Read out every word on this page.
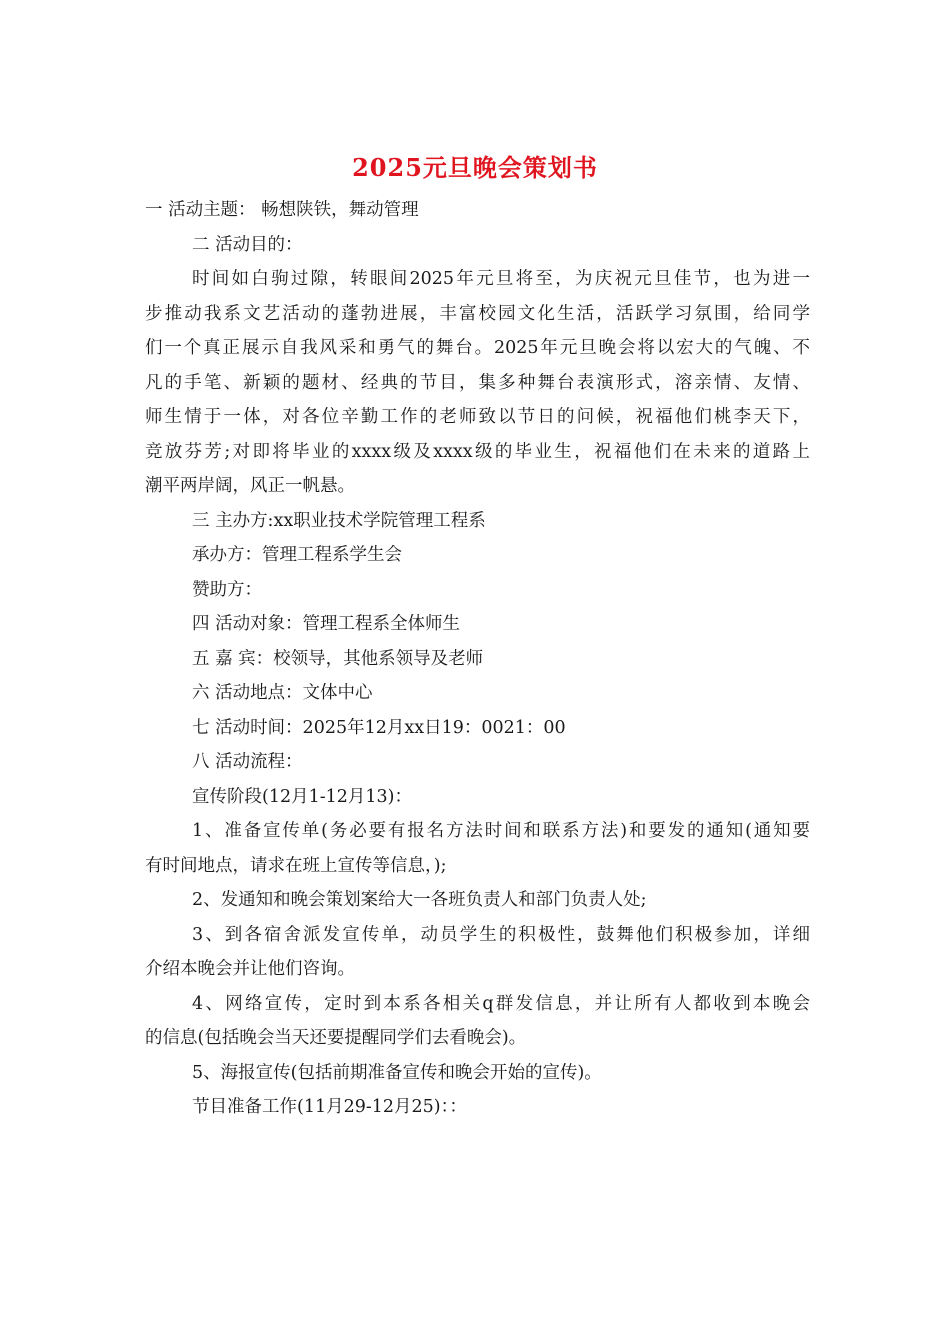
2025元旦晚会策划书
一 活动主题： 畅想陕铁，舞动管理
二 活动目的：
时间如白驹过隙，转眼间2025年元旦将至，为庆祝元旦佳节，也为进一
步推动我系文艺活动的蓬勃进展，丰富校园文化生活，活跃学习氛围，给同学
们一个真正展示自我风采和勇气的舞台。2025年元旦晚会将以宏大的气魄、不
凡的手笔、新颖的题材、经典的节目，集多种舞台表演形式，溶亲情、友情、
师生情于一体，对各位辛勤工作的老师致以节日的问候，祝福他们桃李天下，
竞放芬芳;对即将毕业的xxxx级及xxxx级的毕业生，祝福他们在未来的道路上
潮平两岸阔，风正一帆悬。
三 主办方:xx职业技术学院管理工程系
承办方：管理工程系学生会
赞助方：
四 活动对象：管理工程系全体师生
五 嘉 宾：校领导，其他系领导及老师
六 活动地点：文体中心
七 活动时间：2025年12月xx日19：0021：00
八 活动流程：
宣传阶段(12月1-12月13)：
1、准备宣传单(务必要有报名方法时间和联系方法)和要发的通知(通知要
有时间地点，请求在班上宣传等信息，);
2、发通知和晚会策划案给大一各班负责人和部门负责人处;
3、到各宿舍派发宣传单，动员学生的积极性，鼓舞他们积极参加，详细
介绍本晚会并让他们咨询。
4、网络宣传，定时到本系各相关q群发信息，并让所有人都收到本晚会
的信息(包括晚会当天还要提醒同学们去看晚会)。
5、海报宣传(包括前期准备宣传和晚会开始的宣传)。
节目准备工作(11月29-12月25)：：
